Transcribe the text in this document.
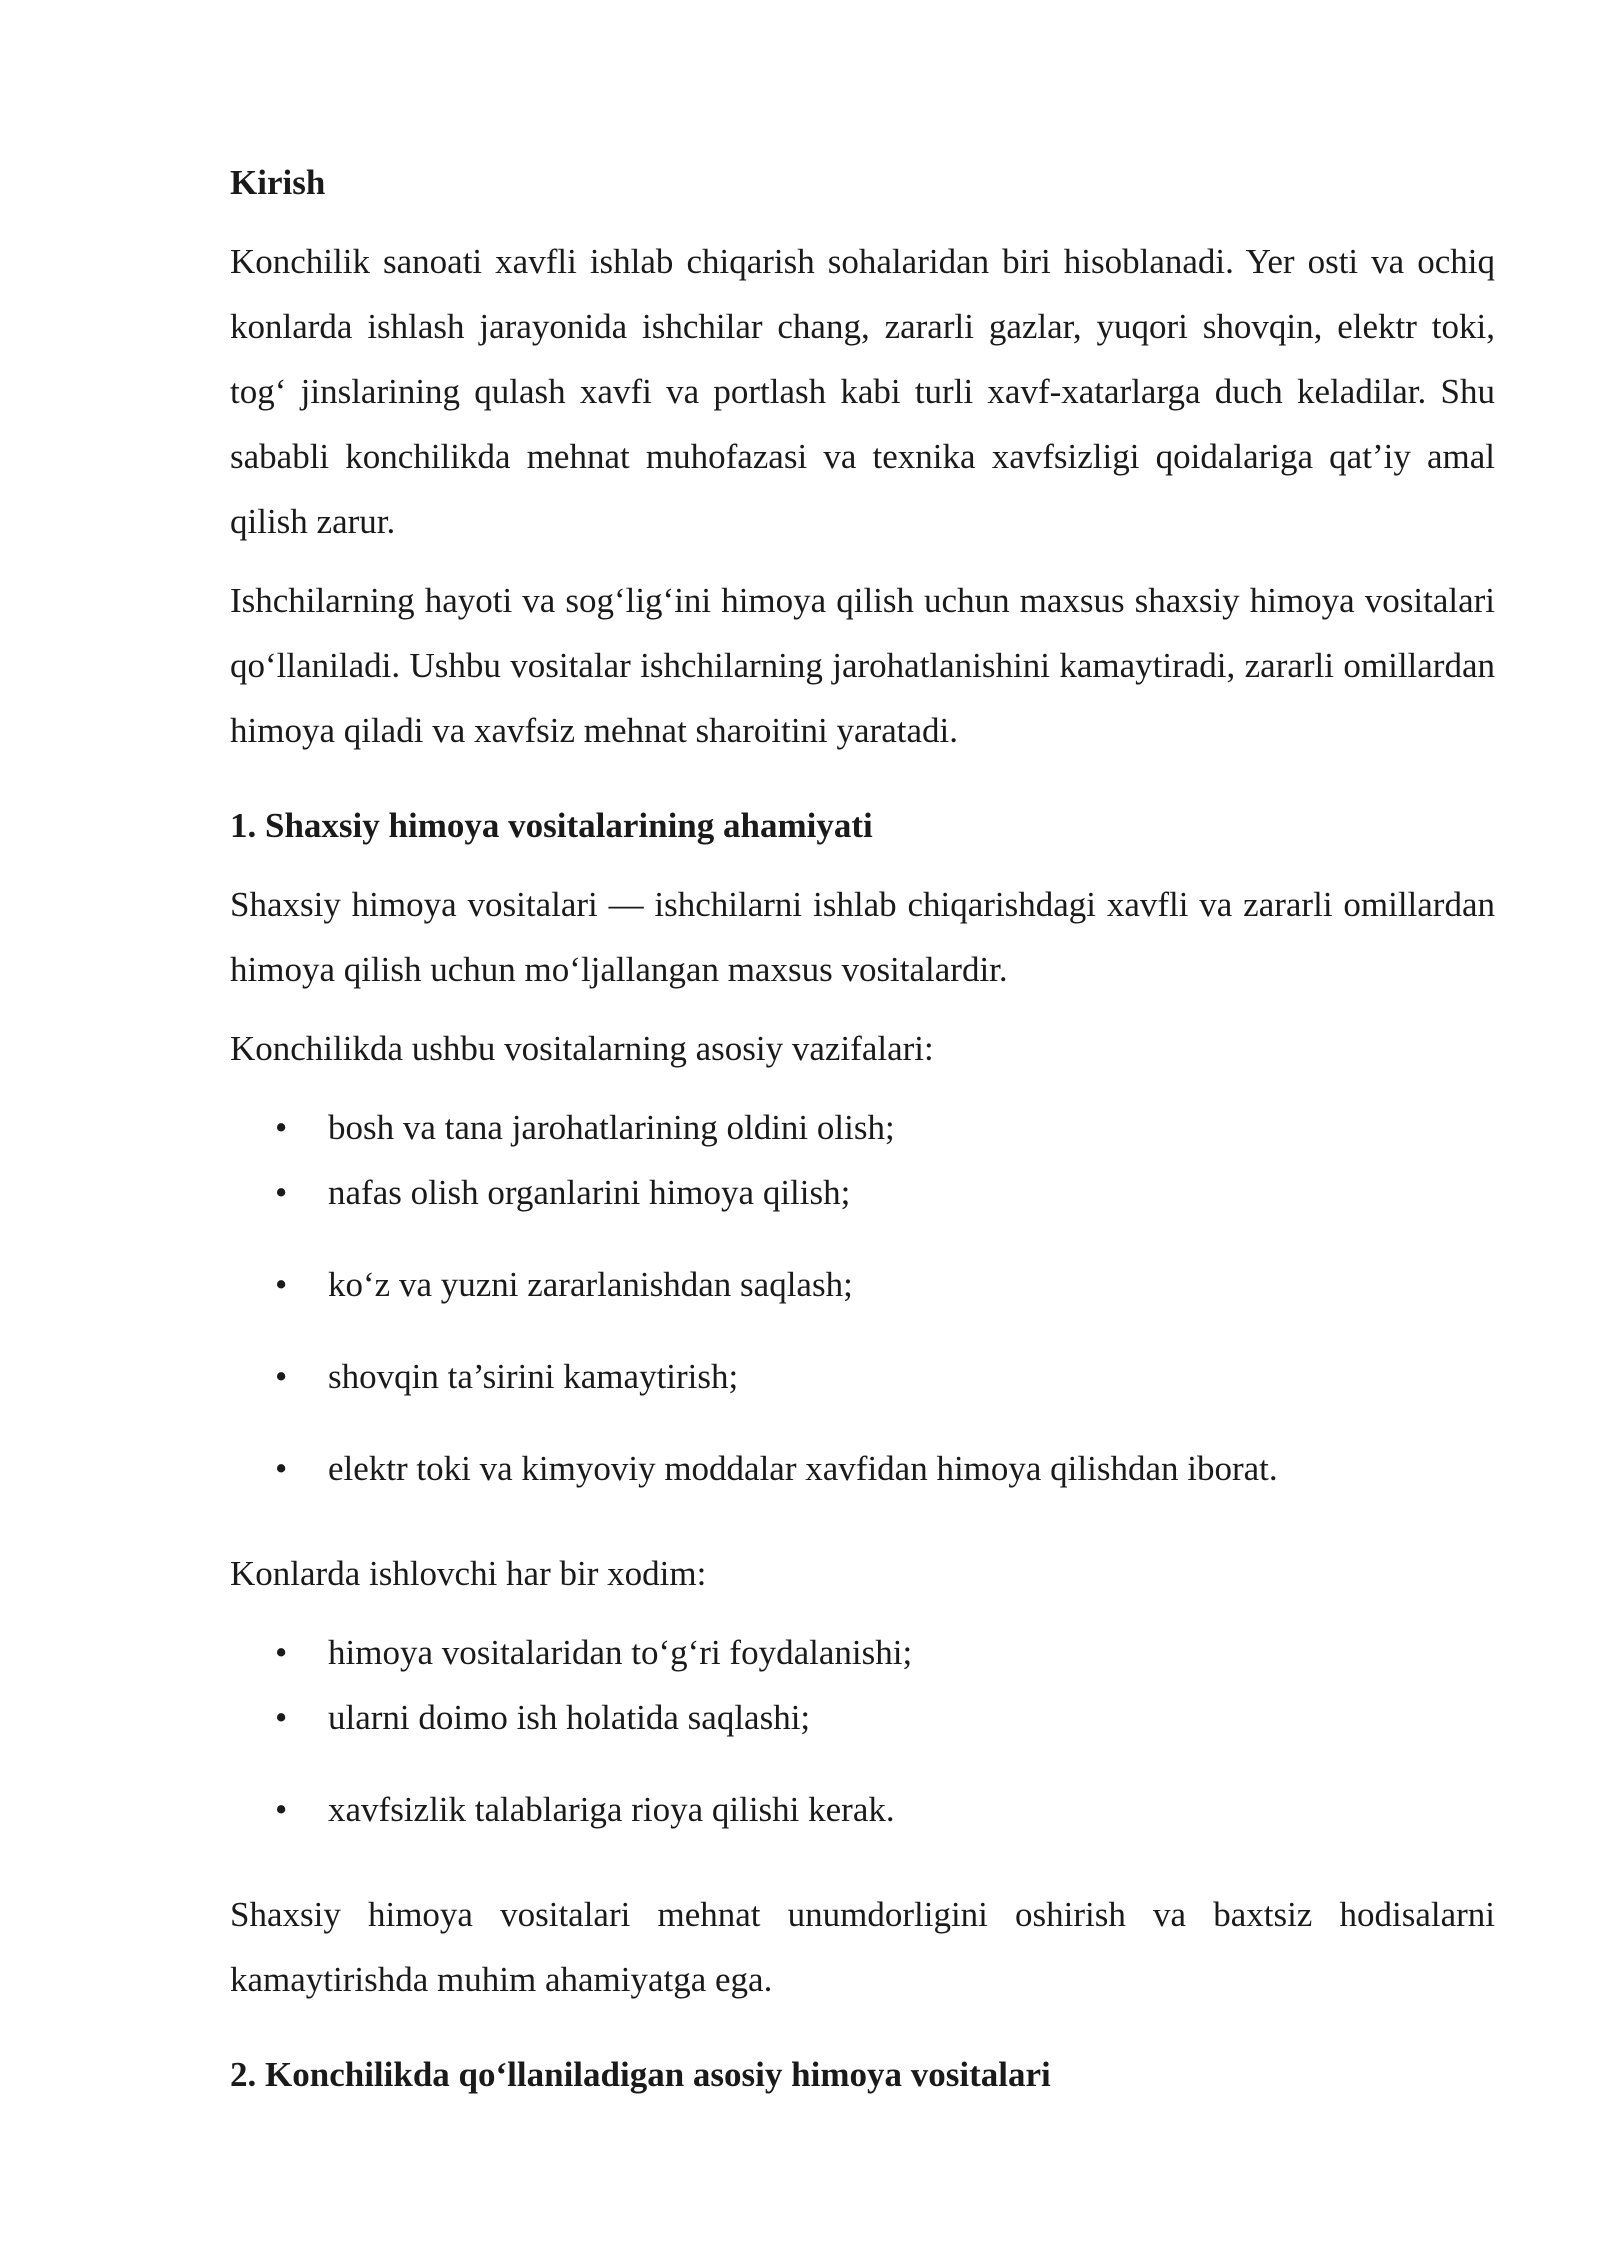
Kirish

Konchilik sanoati xavfli ishlab chiqarish sohalaridan biri hisoblanadi. Yer osti va ochiq konlarda ishlash jarayonida ishchilar chang, zararli gazlar, yuqori shovqin, elektr toki, tog‘ jinslarining qulash xavfi va portlash kabi turli xavf-xatarlarga duch keladilar. Shu sababli konchilikda mehnat muhofazasi va texnika xavfsizligi qoidalariga qat’iy amal qilish zarur.

Ishchilarning hayoti va sog‘lig‘ini himoya qilish uchun maxsus shaxsiy himoya vositalari qo‘llaniladi. Ushbu vositalar ishchilarning jarohatlanishini kamaytiradi, zararli omillardan himoya qiladi va xavfsiz mehnat sharoitini yaratadi.

1. Shaxsiy himoya vositalarining ahamiyati

Shaxsiy himoya vositalari — ishchilarni ishlab chiqarishdagi xavfli va zararli omillardan himoya qilish uchun mo‘ljallangan maxsus vositalardir.

Konchilikda ushbu vositalarning asosiy vazifalari:

• bosh va tana jarohatlarining oldini olish;
• nafas olish organlarini himoya qilish;
• ko‘z va yuzni zararlanishdan saqlash;
• shovqin ta’sirini kamaytirish;
• elektr toki va kimyoviy moddalar xavfidan himoya qilishdan iborat.

Konlarda ishlovchi har bir xodim:

• himoya vositalaridan to‘g‘ri foydalanishi;
• ularni doimo ish holatida saqlashi;
• xavfsizlik talablariga rioya qilishi kerak.

Shaxsiy himoya vositalari mehnat unumdorligini oshirish va baxtsiz hodisalarni kamaytirishda muhim ahamiyatga ega.

2. Konchilikda qo‘llaniladigan asosiy himoya vositalari
